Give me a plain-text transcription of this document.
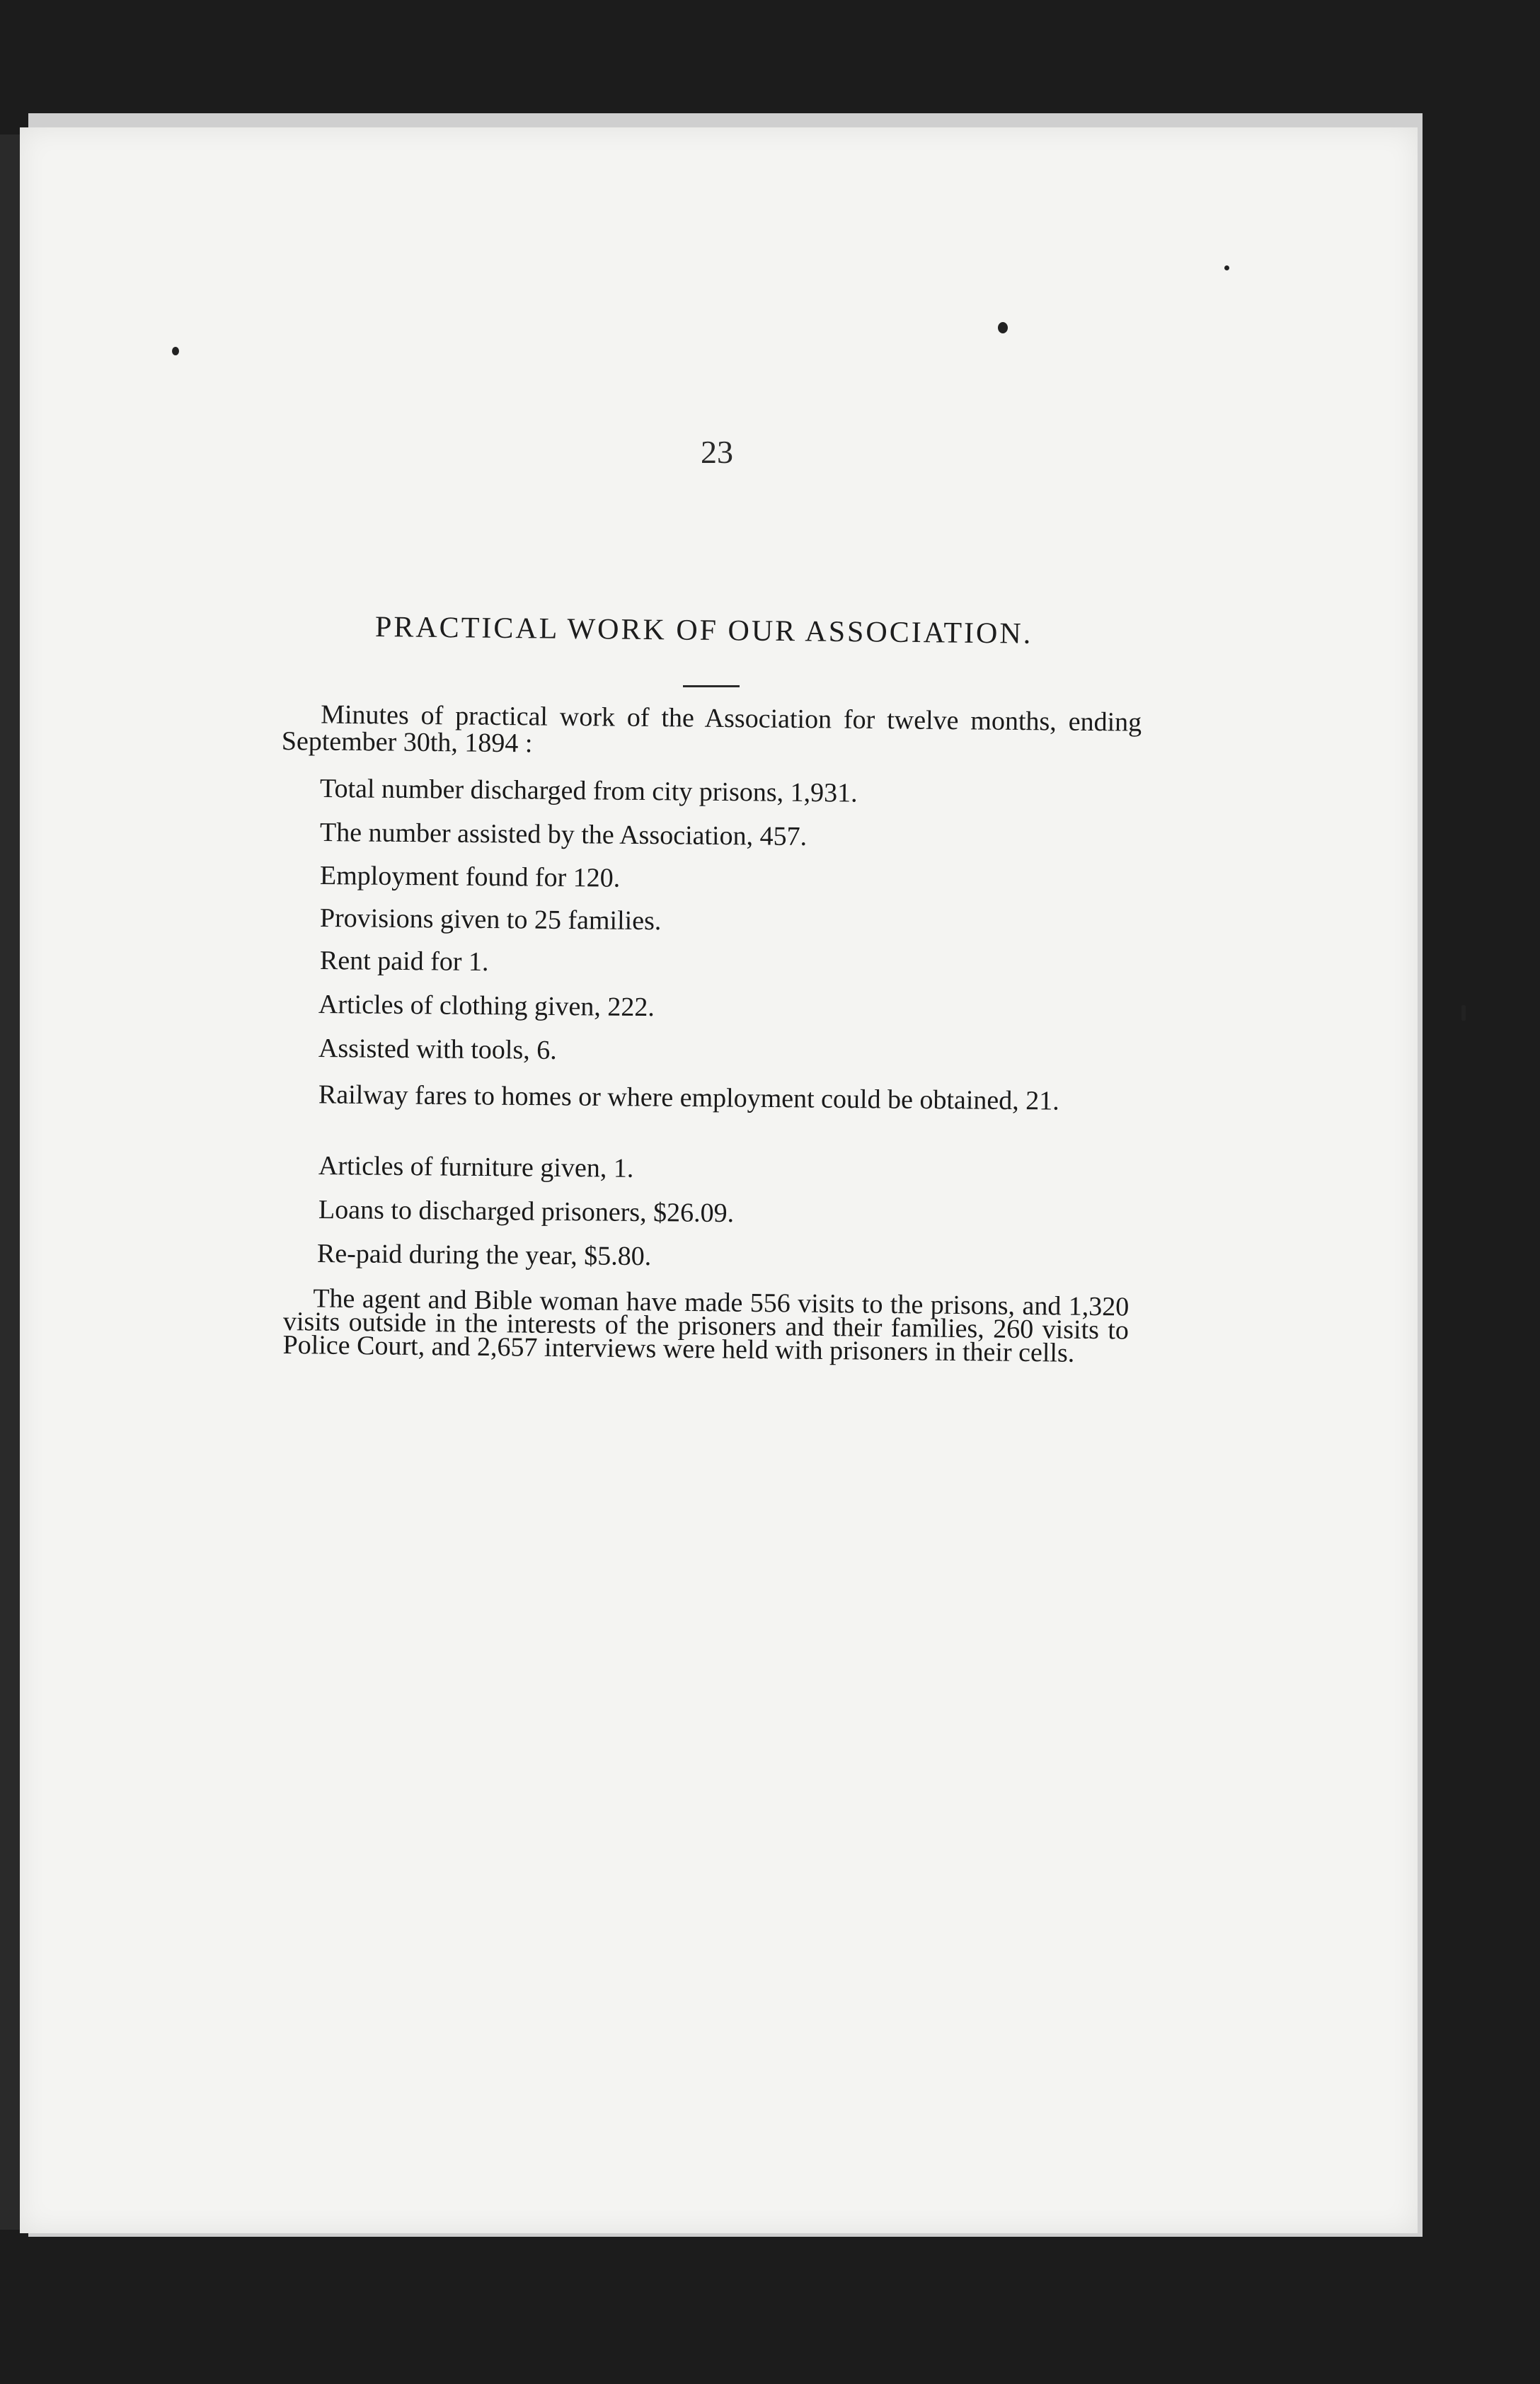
23
PRACTICAL WORK OF OUR ASSOCIATION.
Minutes of practical work of the Association for twelve months, ending September 30th, 1894 :
Total number discharged from city prisons, 1,931.
The number assisted by the Association, 457.
Employment found for 120.
Provisions given to 25 families.
Rent paid for 1.
Articles of clothing given, 222.
Assisted with tools, 6.
Railway fares to homes or where employment could be obtained, 21.
Articles of furniture given, 1.
Loans to discharged prisoners, $26.09.
Re-paid during the year, $5.80.
The agent and Bible woman have made 556 visits to the prisons, and 1,320 visits outside in the interests of the prisoners and their families, 260 visits to Police Court, and 2,657 interviews were held with prisoners in their cells.
